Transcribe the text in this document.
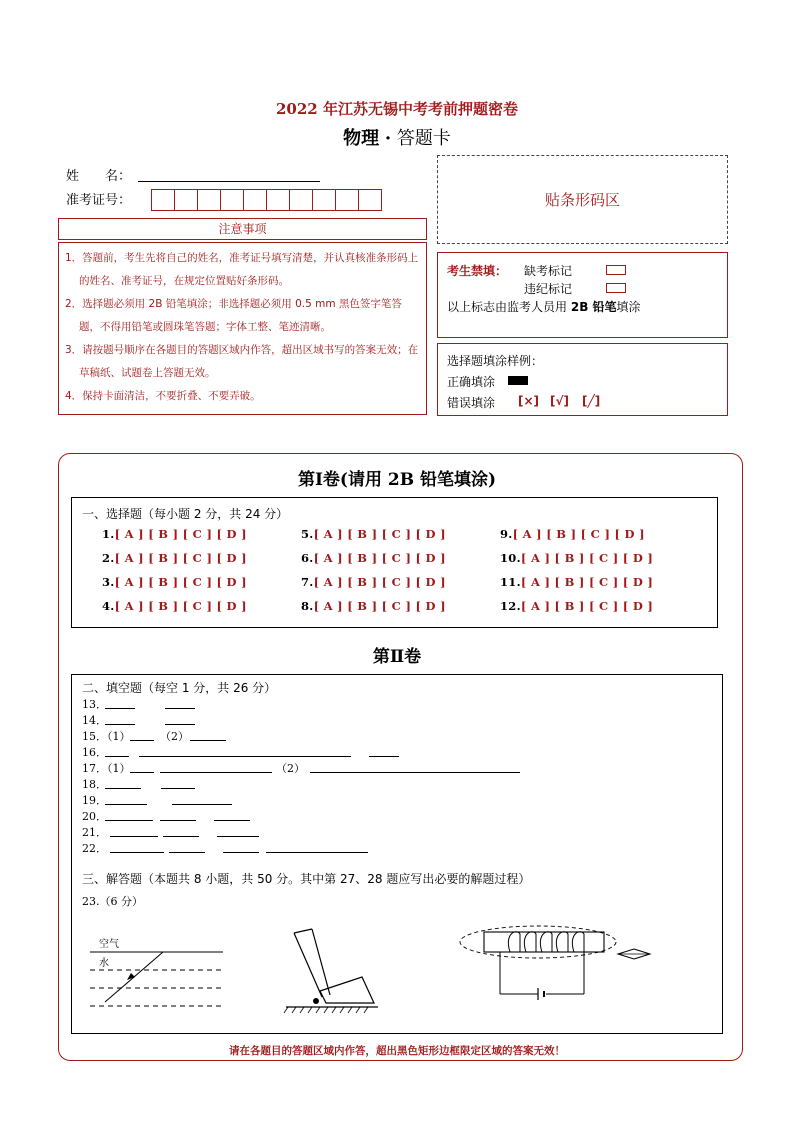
2022 年江苏无锡中考考前押题密卷
物理 · 答题卡
姓　　名：
准考证号：	贴条形码区
注意事项

1．答题前，考生先将自己的姓名，准考证号填写清楚，并认真核准条形码上的姓名、准考证号，在规定位置贴好条形码。

2．选择题必须用 2B 铅笔填涂；非选择题必须用 0.5 mm 黑色签字笔答题，不得用铅笔或圆珠笔答题；字体工整、笔迹清晰。

3．请按题号顺序在各题目的答题区域内作答，超出区域书写的答案无效；在草稿纸、试题卷上答题无效。

4．保持卡面清洁，不要折叠、不要弄破。

考生禁填： 缺考标记
违纪标记
以上标志由监考人员用 2B 铅笔填涂
选择题填涂样例：
正确填涂
错误填涂 [×] [√] [╱]
第Ⅰ卷(请用 2B 铅笔填涂)
一、选择题（每小题 2 分，共 24 分）
1.[ A ] [ B ] [ C ] [ D ]
2.[ A ] [ B ] [ C ] [ D ]
3.[ A ] [ B ] [ C ] [ D ]
4.[ A ] [ B ] [ C ] [ D ]
5.[ A ] [ B ] [ C ] [ D ]
6.[ A ] [ B ] [ C ] [ D ]
7.[ A ] [ B ] [ C ] [ D ]
8.[ A ] [ B ] [ C ] [ D ]
9.[ A ] [ B ] [ C ] [ D ]
10.[ A ] [ B ] [ C ] [ D ]
11.[ A ] [ B ] [ C ] [ D ]
12.[ A ] [ B ] [ C ] [ D ]
第Ⅱ卷
二、填空题（每空 1 分，共 26 分）
13．
14．
15．（1）	（2）
16．
17．（1）	（2）
18．
19．
20．
21．
22．
三、解答题（本题共 8 小题，共 50 分。其中第 27、28 题应写出必要的解题过程）
23.（6 分）
空气
水
请在各题目的答题区域内作答，超出黑色矩形边框限定区域的答案无效！
